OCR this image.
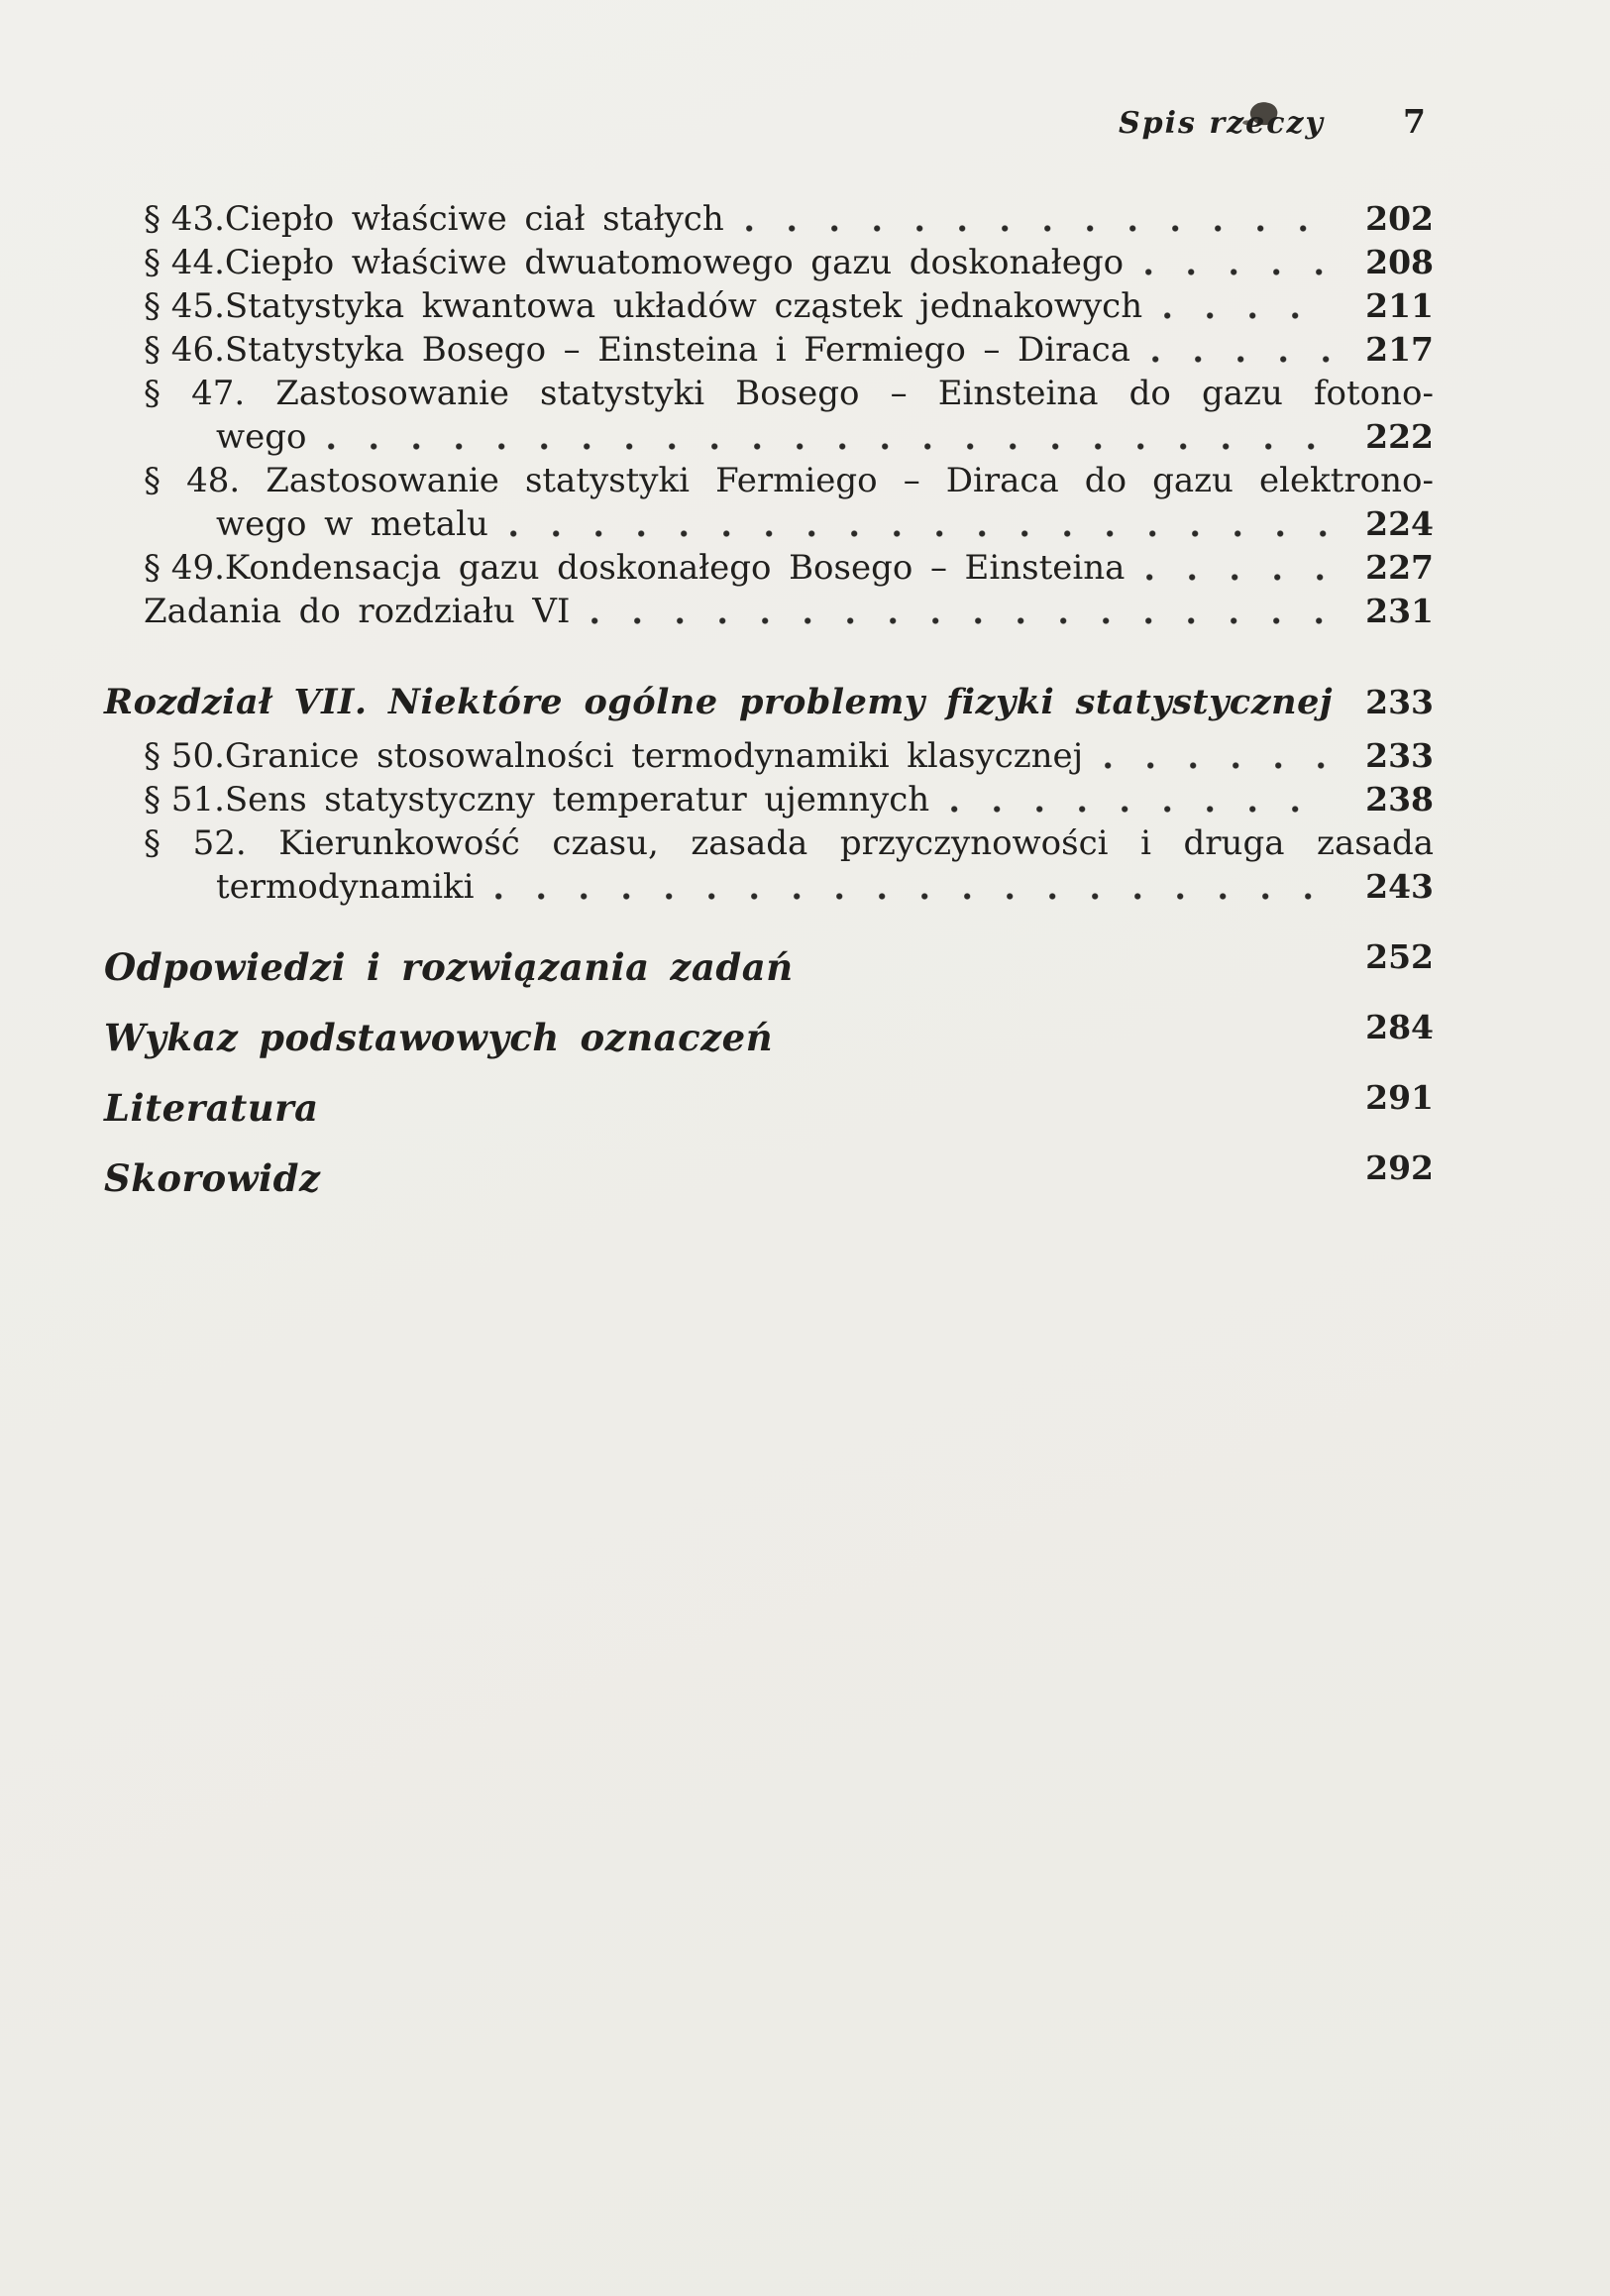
Spis rzeczy	7
§ 43. Ciepło właściwe ciał stałych	202
§ 44. Ciepło właściwe dwuatomowego gazu doskonałego	208
§ 45. Statystyka kwantowa układów cząstek jednakowych	211
§ 46. Statystyka Bosego – Einsteina i Fermiego – Diraca	217
§ 47. Zastosowanie statystyki Bosego – Einsteina do gazu fotono-
wego	222
§ 48. Zastosowanie statystyki Fermiego – Diraca do gazu elektrono-
wego w metalu	224
§ 49. Kondensacja gazu doskonałego Bosego – Einsteina	227
Zadania do rozdziału VI	231
Rozdział VII. Niektóre ogólne problemy fizyki statystycznej 233
§ 50. Granice stosowalności termodynamiki klasycznej	233
§ 51. Sens statystyczny temperatur ujemnych	238
§ 52. Kierunkowość czasu, zasada przyczynowości i druga zasada
termodynamiki	243
Odpowiedzi i rozwiązania zadań	252
Wykaz podstawowych oznaczeń	284
Literatura	291
Skorowidz	292
